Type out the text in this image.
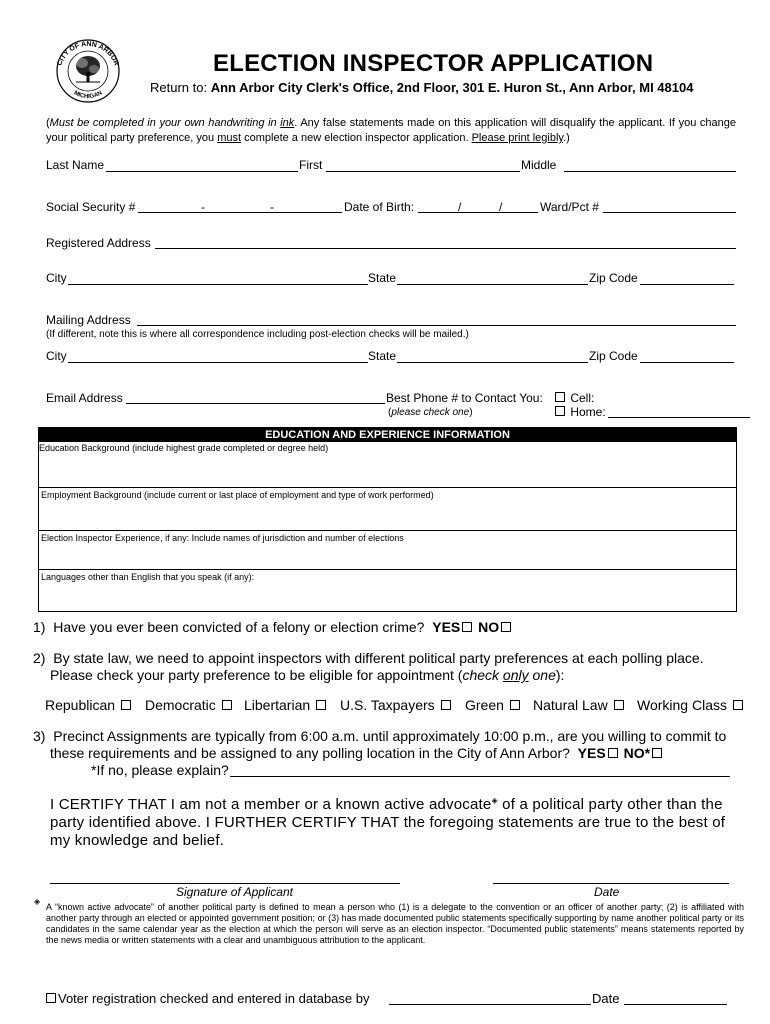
CITY OF ANN ARBOR
MICHIGAN
ELECTION INSPECTOR APPLICATION
Return to: Ann Arbor City Clerk's Office, 2nd Floor, 301 E. Huron St., Ann Arbor, MI 48104
(Must be completed in your own handwriting in ink. Any false statements made on this application will disqualify the applicant. If you change your political party preference, you must complete a new election inspector application. Please print legibly.)
Last Name	First	Middle
Social Security #	-	-	Date of Birth:	/	/	Ward/Pct #
Registered Address
City	State	Zip Code
Mailing Address
(If different, note this is where all correspondence including post-election checks will be mailed.)
City	State	Zip Code
Email Address	Best Phone # to Contact You:	Cell:
(please check one)	Home:
EDUCATION AND EXPERIENCE INFORMATION
Education Background (include highest grade completed or degree held)
Employment Background (include current or last place of employment and type of work performed)
Election Inspector Experience, if any: Include names of jurisdiction and number of elections
Languages other than English that you speak (if any):
1) Have you ever been convicted of a felony or election crime? YES NO
2) By state law, we need to appoint inspectors with different political party preferences at each polling place.
Please check your party preference to be eligible for appointment (check only one):
Republican	Democratic	Libertarian	U.S. Taxpayers	Green	Natural Law	Working Class
3) Precinct Assignments are typically from 6:00 a.m. until approximately 10:00 p.m., are you willing to commit to
these requirements and be assigned to any polling location in the City of Ann Arbor? YES NO*
*If no, please explain?
I CERTIFY THAT I am not a member or a known active advocate◈ of a political party other than the party identified above. I FURTHER CERTIFY THAT the foregoing statements are true to the best of my knowledge and belief.
Signature of Applicant	Date
◈
A “known active advocate” of another political party is defined to mean a person who (1) is a delegate to the convention or an officer of another party; (2) is affiliated with another party through an elected or appointed government position; or (3) has made documented public statements specifically supporting by name another political party or its candidates in the same calendar year as the election at which the person will serve as an election inspector. “Documented public statements” means statements reported by the news media or written statements with a clear and unambiguous attribution to the applicant.
Voter registration checked and entered in database by	Date
